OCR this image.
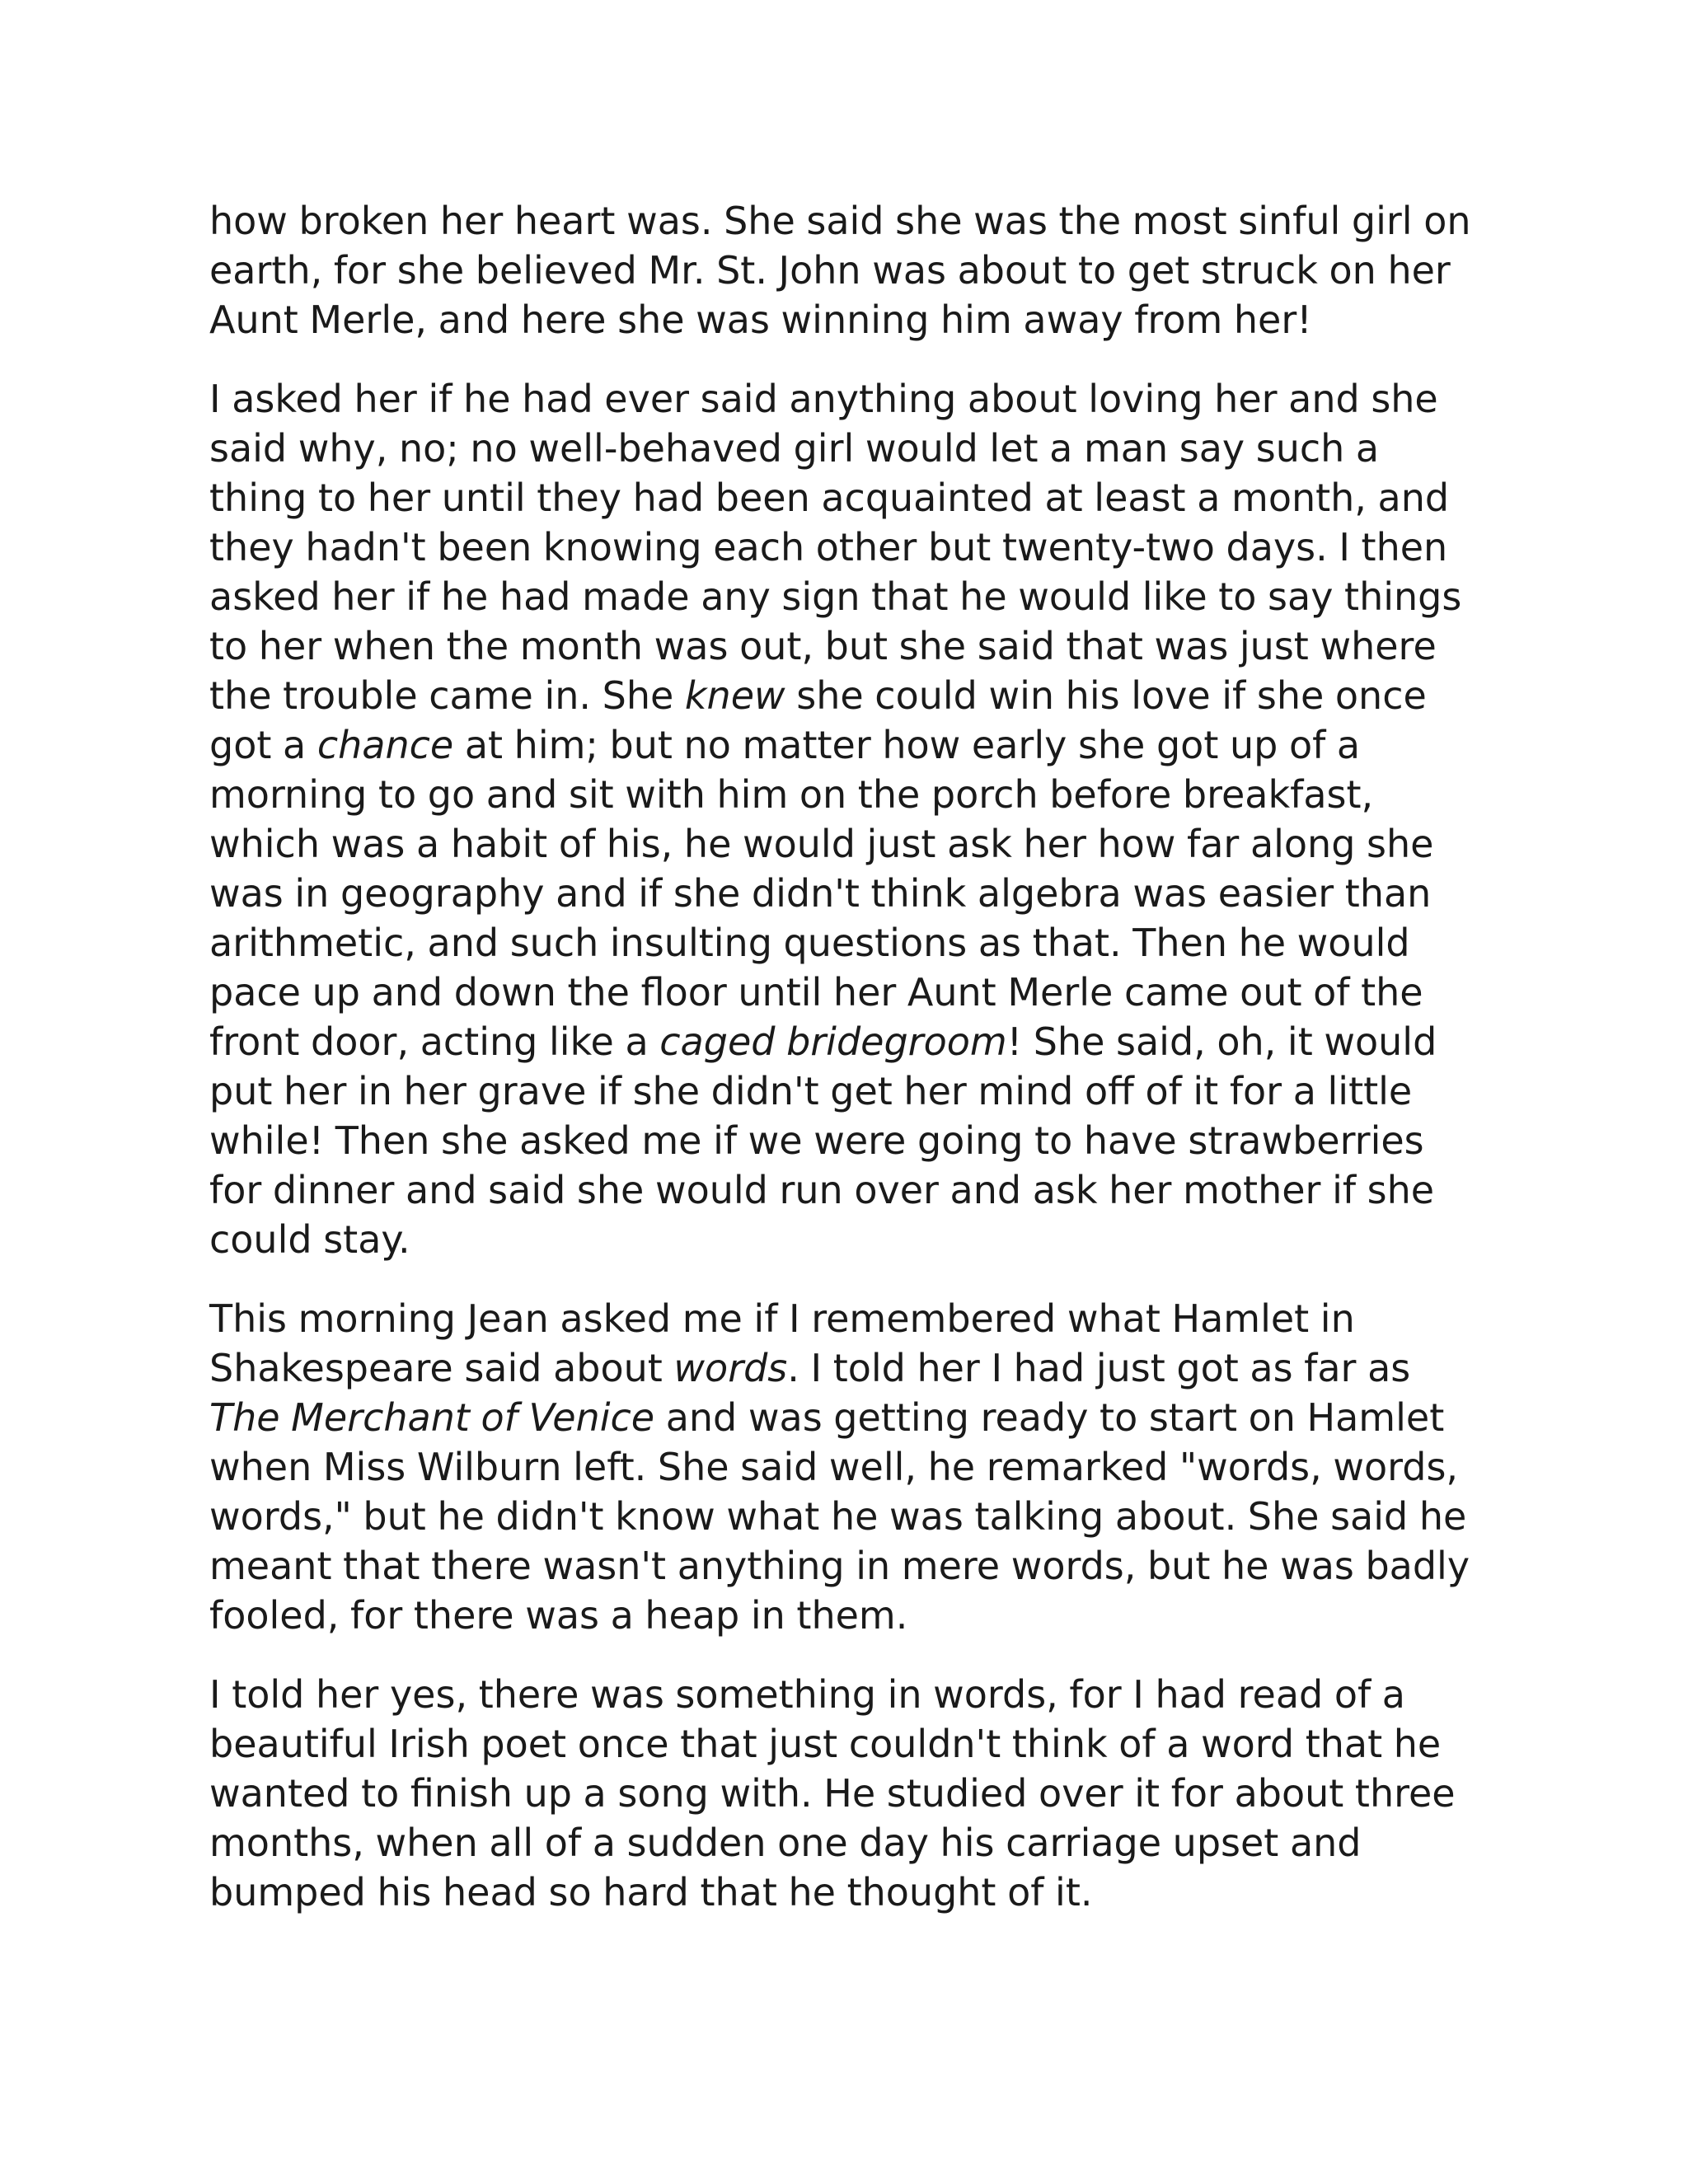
how broken her heart was. She said she was the most sinful girl on earth, for she believed Mr. St. John was about to get struck on her Aunt Merle, and here she was winning him away from her!

I asked her if he had ever said anything about loving her and she said why, no; no well-behaved girl would let a man say such a thing to her until they had been acquainted at least a month, and they hadn't been knowing each other but twenty-two days. I then asked her if he had made any sign that he would like to say things to her when the month was out, but she said that was just where the trouble came in. She knew she could win his love if she once got a chance at him; but no matter how early she got up of a morning to go and sit with him on the porch before breakfast, which was a habit of his, he would just ask her how far along she was in geography and if she didn't think algebra was easier than arithmetic, and such insulting questions as that. Then he would pace up and down the floor until her Aunt Merle came out of the front door, acting like a caged bridegroom! She said, oh, it would put her in her grave if she didn't get her mind off of it for a little while! Then she asked me if we were going to have strawberries for dinner and said she would run over and ask her mother if she could stay.

This morning Jean asked me if I remembered what Hamlet in Shakespeare said about words. I told her I had just got as far as The Merchant of Venice and was getting ready to start on Hamlet when Miss Wilburn left. She said well, he remarked "words, words, words," but he didn't know what he was talking about. She said he meant that there wasn't anything in mere words, but he was badly fooled, for there was a heap in them.

I told her yes, there was something in words, for I had read of a beautiful Irish poet once that just couldn't think of a word that he wanted to finish up a song with. He studied over it for about three months, when all of a sudden one day his carriage upset and bumped his head so hard that he thought of it.
